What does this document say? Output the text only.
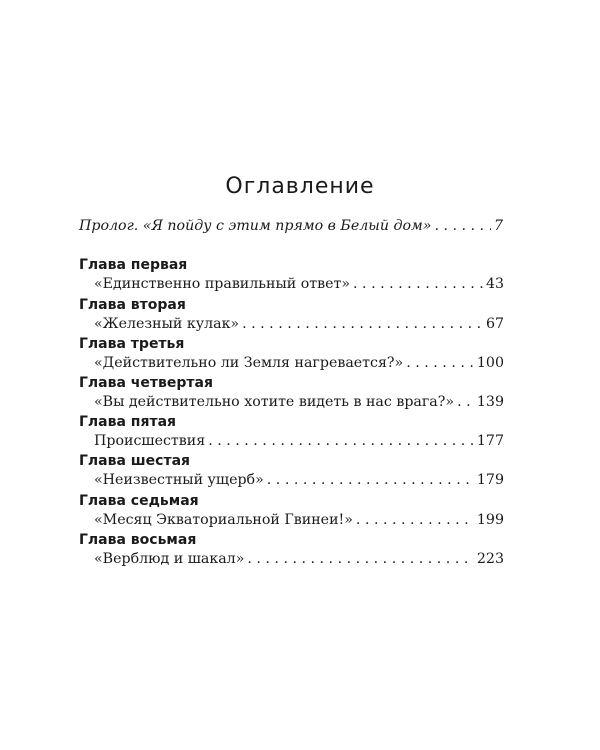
Оглавление
Пролог. «Я пойду с этим прямо в Белый дом» . . .	7
Глава первая
«Единственно правильный ответ» . . .	43
Глава вторая
«Железный кулак» . . .	67
Глава третья
«Действительно ли Земля нагревается?» . . .	100
Глава четвертая
«Вы действительно хотите видеть в нас врага?» . . . 139
Глава пятая
Происшествия . . .	177
Глава шестая
«Неизвестный ущерб» . . .	179
Глава седьмая
«Месяц Экваториальной Гвинеи!» . . .	199
Глава восьмая
«Верблюд и шакал» . . .	223
